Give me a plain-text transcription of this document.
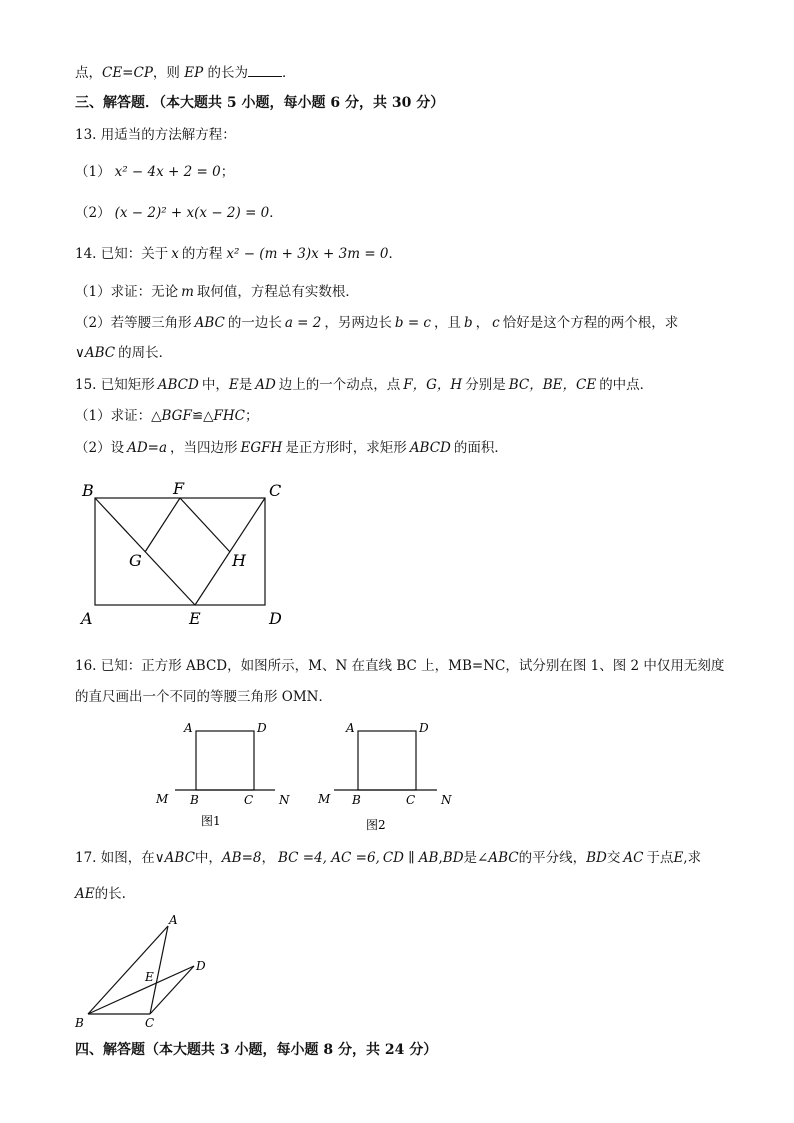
点，CE=CP，则 EP 的长为	．
三、解答题．（本大题共 5 小题，每小题 6 分，共 30 分）
13. 用适当的方法解方程：
（1） x² − 4x + 2 = 0；
（2） (x − 2)² + x(x − 2) = 0．
14. 已知：关于 x 的方程 x² − (m + 3)x + 3m = 0．
（1）求证：无论 m 取何值，方程总有实数根．
（2）若等腰三角形 ABC 的一边长 a = 2 ，另两边长 b = c ，且 b ， c 恰好是这个方程的两个根，求
∨ABC 的周长．
15. 已知矩形 ABCD 中，E是 AD 边上的一个动点，点 F，G，H 分别是 BC，BE，CE 的中点．
（1）求证：△BGF≌△FHC；
（2）设 AD=a ，当四边形 EGFH 是正方形时，求矩形 ABCD 的面积．
B	F	C
G	H
A	E	D
16. 已知：正方形 ABCD，如图所示，M、N 在直线 BC 上，MB=NC，试分别在图 1、图 2 中仅用无刻度
的直尺画出一个不同的等腰三角形 OMN．
A	D
M B	C N
图1
A	D
M B	C N
图2
17. 如图，在∨ABC中，AB=8， BC =4, AC =6, CD ∥ AB,BD是∠ABC的平分线，BD交 AC 于点E,求
AE的长.
A
D
E
B	C
四、解答题（本大题共 3 小题，每小题 8 分，共 24 分）
